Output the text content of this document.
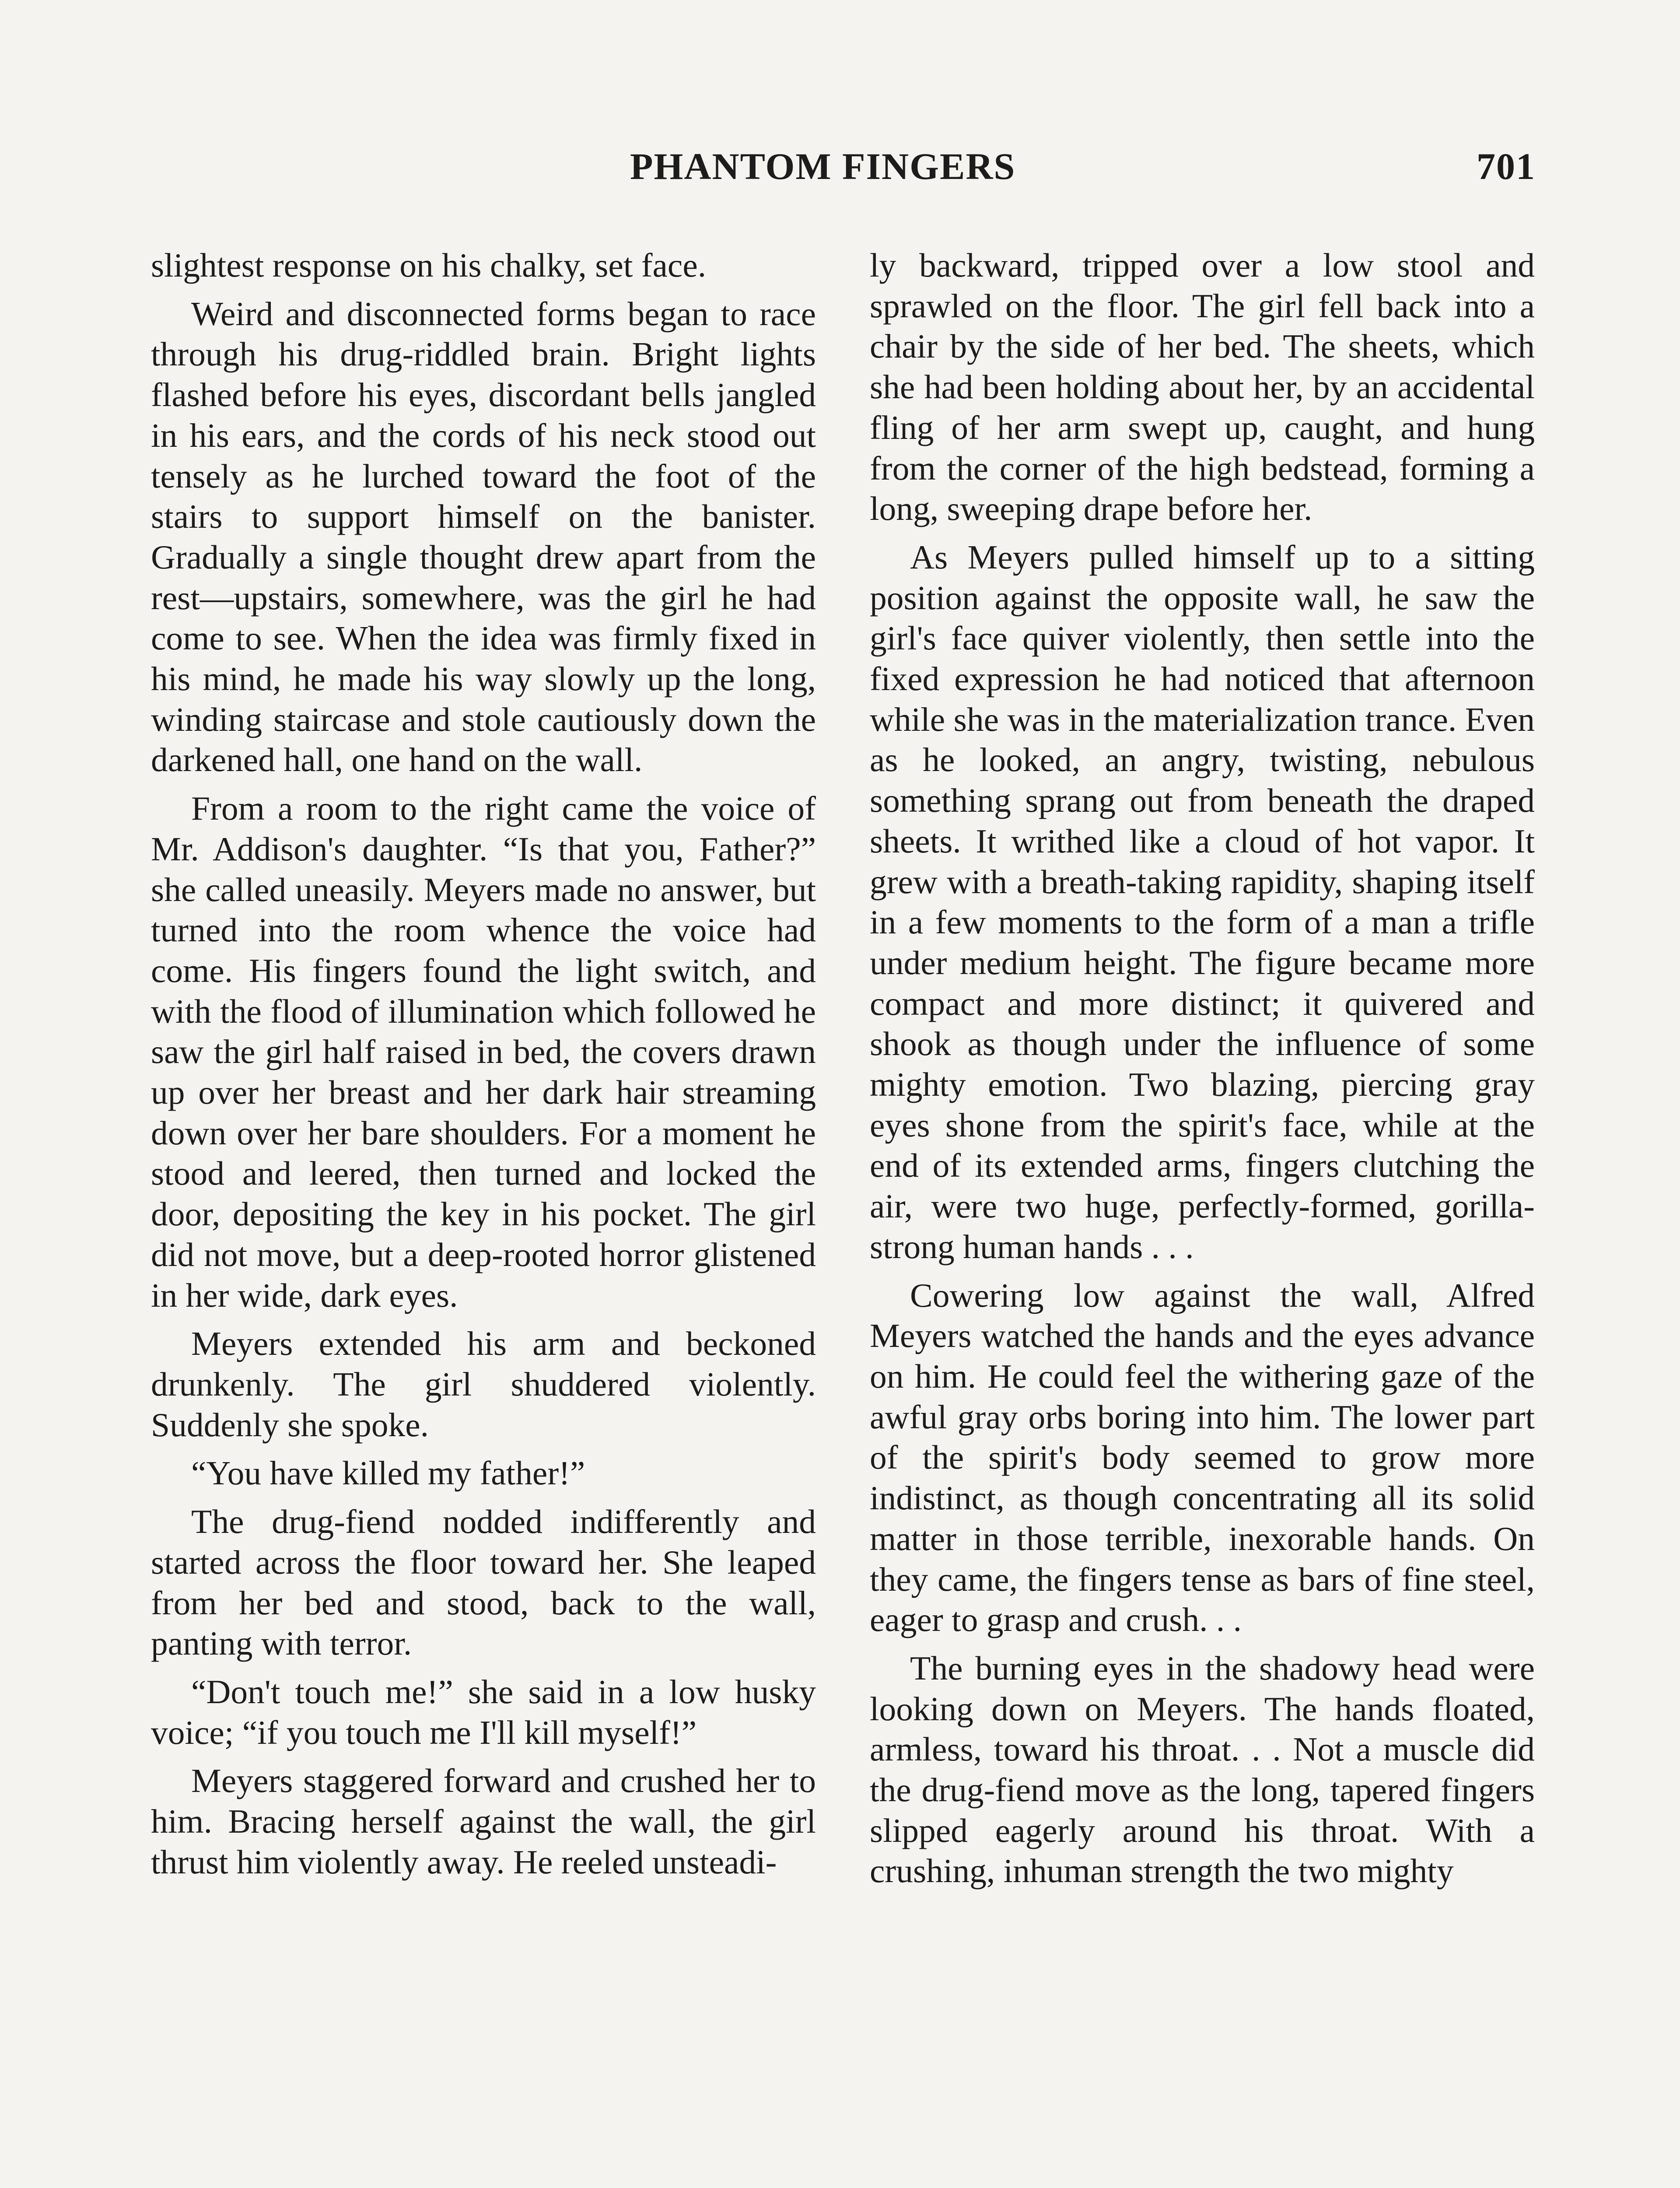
PHANTOM FINGERS	701

slightest response on his chalky, set face.

Weird and disconnected forms began to race through his drug-riddled brain. Bright lights flashed before his eyes, discordant bells jangled in his ears, and the cords of his neck stood out tensely as he lurched toward the foot of the stairs to support himself on the banister. Gradually a single thought drew apart from the rest—upstairs, somewhere, was the girl he had come to see. When the idea was firmly fixed in his mind, he made his way slowly up the long, winding staircase and stole cautiously down the darkened hall, one hand on the wall.

From a room to the right came the voice of Mr. Addison's daughter. “Is that you, Father?” she called uneasily. Meyers made no answer, but turned into the room whence the voice had come. His fingers found the light switch, and with the flood of illumination which followed he saw the girl half raised in bed, the covers drawn up over her breast and her dark hair streaming down over her bare shoulders. For a moment he stood and leered, then turned and locked the door, depositing the key in his pocket. The girl did not move, but a deep-rooted horror glistened in her wide, dark eyes.

Meyers extended his arm and beckoned drunkenly. The girl shuddered violently. Suddenly she spoke.

“You have killed my father!”

The drug-fiend nodded indifferently and started across the floor toward her. She leaped from her bed and stood, back to the wall, panting with terror.

“Don't touch me!” she said in a low husky voice; “if you touch me I'll kill myself!”

Meyers staggered forward and crushed her to him. Bracing herself against the wall, the girl thrust him violently away. He reeled unsteadi-

ly backward, tripped over a low stool and sprawled on the floor. The girl fell back into a chair by the side of her bed. The sheets, which she had been holding about her, by an accidental fling of her arm swept up, caught, and hung from the corner of the high bedstead, forming a long, sweeping drape before her.

As Meyers pulled himself up to a sitting position against the opposite wall, he saw the girl's face quiver violently, then settle into the fixed expression he had noticed that afternoon while she was in the materialization trance. Even as he looked, an angry, twisting, nebulous something sprang out from beneath the draped sheets. It writhed like a cloud of hot vapor. It grew with a breath-taking rapidity, shaping itself in a few moments to the form of a man a trifle under medium height. The figure became more compact and more distinct; it quivered and shook as though under the influence of some mighty emotion. Two blazing, piercing gray eyes shone from the spirit's face, while at the end of its extended arms, fingers clutching the air, were two huge, perfectly-formed, gorilla-strong human hands . . .

Cowering low against the wall, Alfred Meyers watched the hands and the eyes advance on him. He could feel the withering gaze of the awful gray orbs boring into him. The lower part of the spirit's body seemed to grow more indistinct, as though concentrating all its solid matter in those terrible, inexorable hands. On they came, the fingers tense as bars of fine steel, eager to grasp and crush. . .

The burning eyes in the shadowy head were looking down on Meyers. The hands floated, armless, toward his throat. . . Not a muscle did the drug-fiend move as the long, tapered fingers slipped eagerly around his throat. With a crushing, inhuman strength the two mighty
